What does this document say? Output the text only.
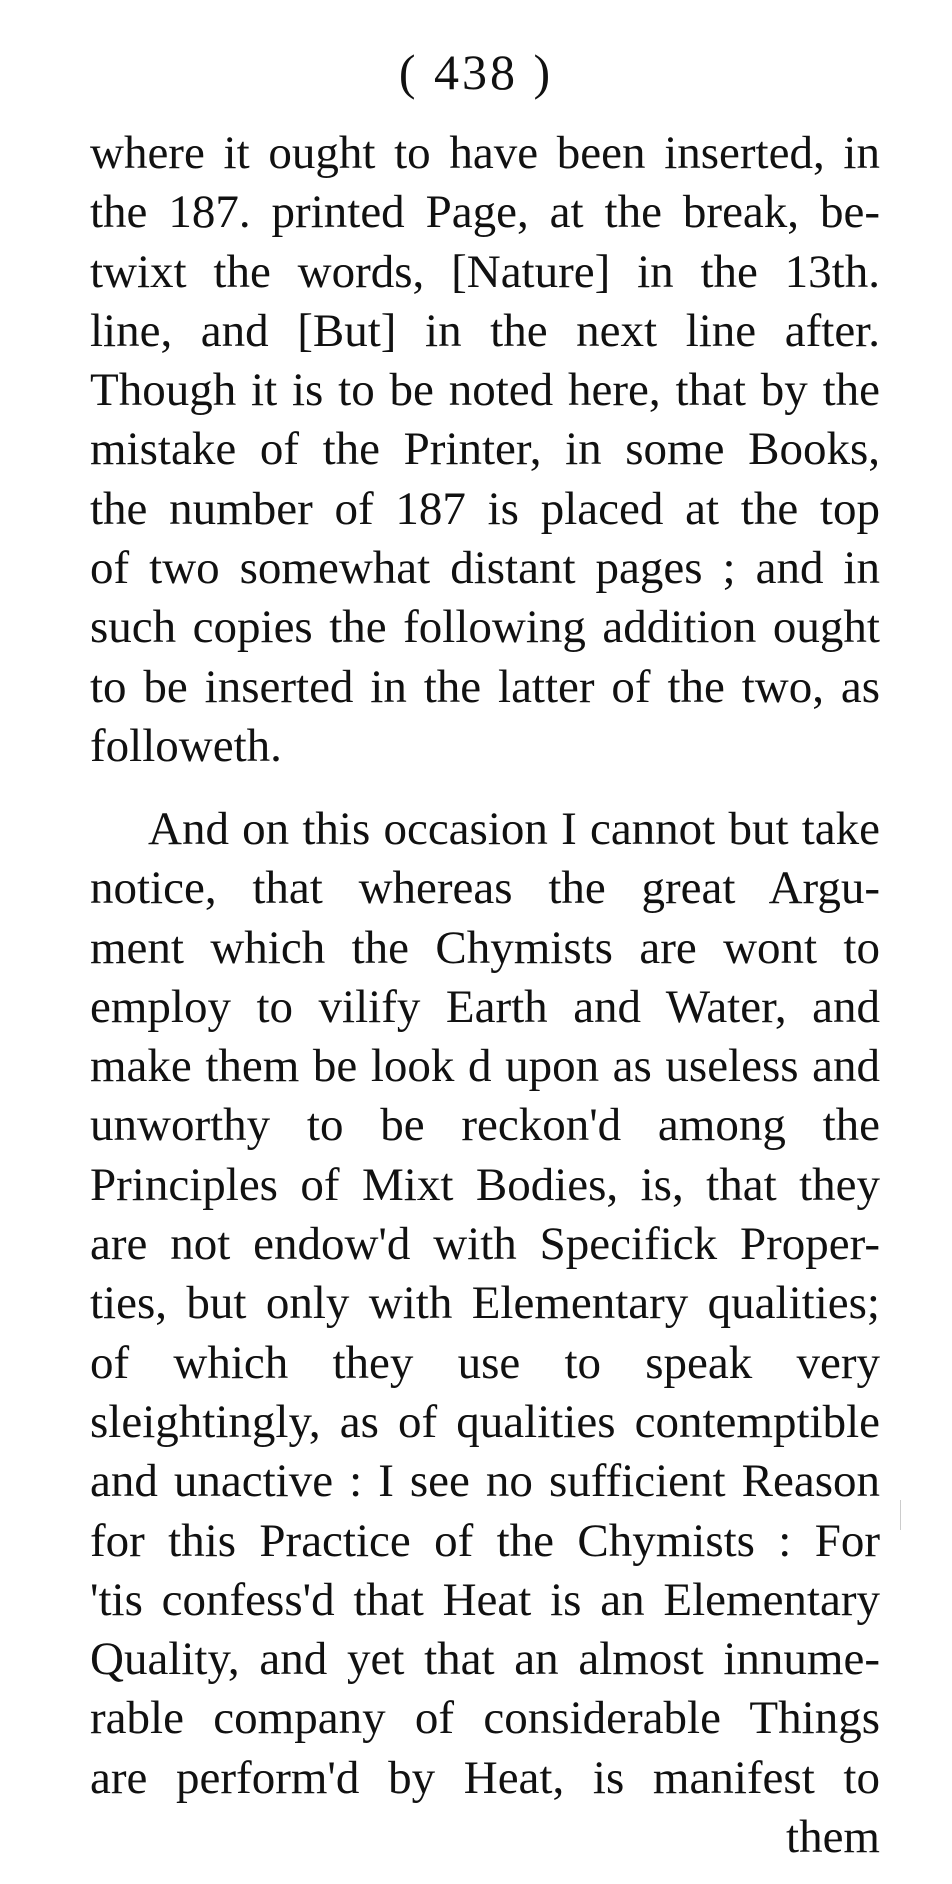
( 438 )
where it ought to have been inserted, in
the 187. printed Page, at the break, be-
twixt the words, [Nature] in the 13th.
line, and [But] in the next line after.
Though it is to be noted here, that by the
mistake of the Printer, in some Books,
the number of 187 is placed at the top
of two somewhat distant pages ; and in
such copies the following addition ought
to be inserted in the latter of the two, as
followeth.
And on this occasion I cannot but take
notice, that whereas the great Argu-
ment which the Chymists are wont to
employ to vilify Earth and Water, and
make them be look d upon as useless and
unworthy to be reckon'd among the
Principles of Mixt Bodies, is, that they
are not endow'd with Specifick Proper-
ties, but only with Elementary qualities;
of which they use to speak very
sleightingly, as of qualities contemptible
and unactive : I see no sufficient Reason
for this Practice of the Chymists : For
'tis confess'd that Heat is an Elementary
Quality, and yet that an almost innume-
rable company of considerable Things
are perform'd by Heat, is manifest to
them
